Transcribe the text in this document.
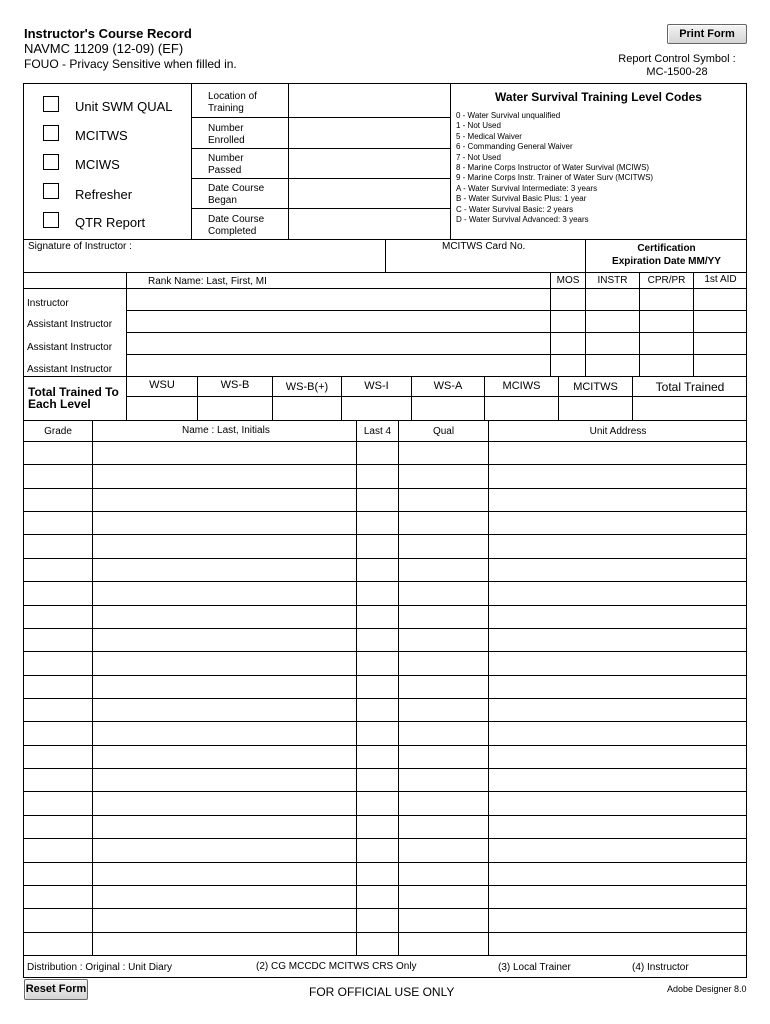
Instructor's Course Record
NAVMC 11209 (12-09) (EF)
FOUO - Privacy Sensitive when filled in.
Print Form
Report Control Symbol :
MC-1500-28
Unit SWM QUAL
MCITWS
MCIWS
Refresher
QTR Report
Location of
Training
Number
Enrolled
Number
Passed
Date Course
Began
Date Course
Completed
Water Survival Training Level Codes
0 - Water Survival unqualified
1 - Not Used
5 - Medical Waiver
6 - Commanding General Waiver
7 - Not Used
8 - Marine Corps Instructor of Water Survival (MCIWS)
9 - Marine Corps Instr. Trainer of Water Surv (MCITWS)
A - Water Survival Intermediate: 3 years
B - Water Survival Basic Plus: 1 year
C - Water Survival Basic: 2 years
D - Water Survival Advanced: 3 years
Signature of Instructor :	MCITWS Card No.	Certification
Expiration Date MM/YY
Rank Name: Last, First, MI	MOS	INSTR	CPR/PR	1st AID
Instructor
Assistant Instructor
Assistant Instructor
Assistant Instructor
Total Trained To
Each Level
WSU	WS-B	WS-B(+)	WS-I	WS-A	MCIWS	MCITWS	Total Trained
Grade	Name : Last, Initials	Last 4	Qual	Unit Address
Distribution : Original : Unit Diary	(2) CG MCCDC MCITWS CRS Only	(3) Local Trainer	(4) Instructor
Reset Form	FOR OFFICIAL USE ONLY	Adobe Designer 8.0
